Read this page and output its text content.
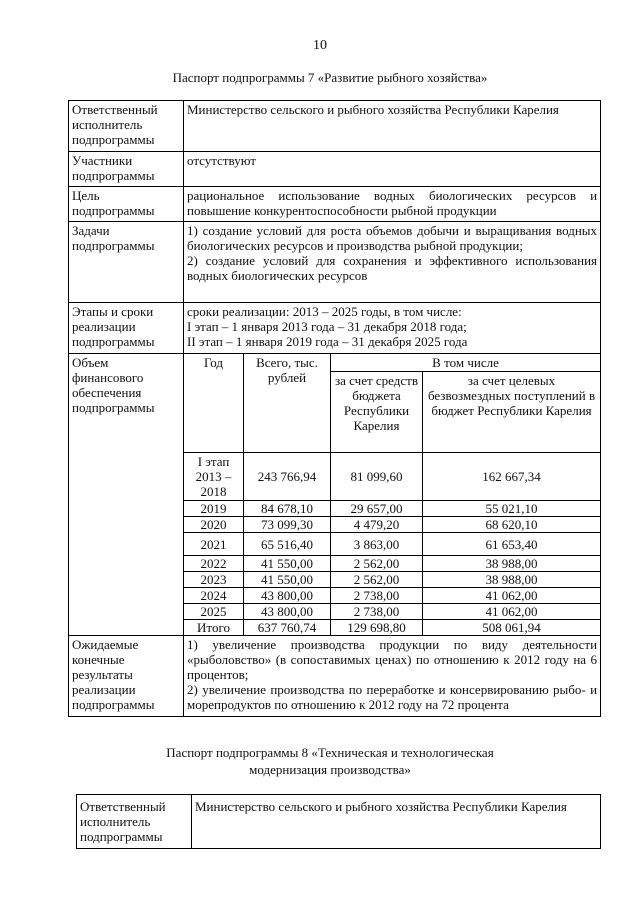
10
Паспорт подпрограммы 7 «Развитие рыбного хозяйства»
Ответственный исполнитель подпрограммы	Министерство сельского и рыбного хозяйства Республики Карелия			
Участники подпрограммы	отсутствуют			
Цель подпрограммы	рациональное использование водных биологических ресурсов и повышение конкурентоспособности рыбной продукции			
Задачи подпрограммы	1) создание условий для роста объемов добычи и выращивания водных биологических ресурсов и производства рыбной продукции;
2) создание условий для сохранения и эффективного использования водных биологических ресурсов			

Этапы и сроки реализации подпрограммы	сроки реализации: 2013 – 2025 годы, в том числе:
I этап – 1 января 2013 года – 31 декабря 2018 года;
II этап – 1 января 2019 года – 31 декабря 2025 года			

Объем финансового обеспечения подпрограммы	Год	Всего, тыс. рублей	В том числе	
			за счет средств бюджета Республики Карелия	за счет целевых безвозмездных поступлений в бюджет Республики Карелия
	I этап 2013 – 2018	243 766,94	81 099,60	162 667,34
	2019	84 678,10	29 657,00	55 021,10
	2020	73 099,30	4 479,20	68 620,10
	2021	65 516,40	3 863,00	61 653,40
	2022	41 550,00	2 562,00	38 988,00
	2023	41 550,00	2 562,00	38 988,00
	2024	43 800,00	2 738,00	41 062,00
	2025	43 800,00	2 738,00	41 062,00
	Итого	637 760,74	129 698,80	508 061,94
Ожидаемые конечные результаты реализации подпрограммы	1) увеличение производства продукции по виду деятельности «рыболовство» (в сопоставимых ценах) по отношению к 2012 году на 6 процентов;
2) увеличение производства по переработке и консервированию рыбо- и морепродуктов по отношению к 2012 году на 72 процента			
Паспорт подпрограммы 8 «Техническая и технологическая
модернизация производства»
Ответственный исполнитель подпрограммы	Министерство сельского и рыбного хозяйства Республики Карелия
